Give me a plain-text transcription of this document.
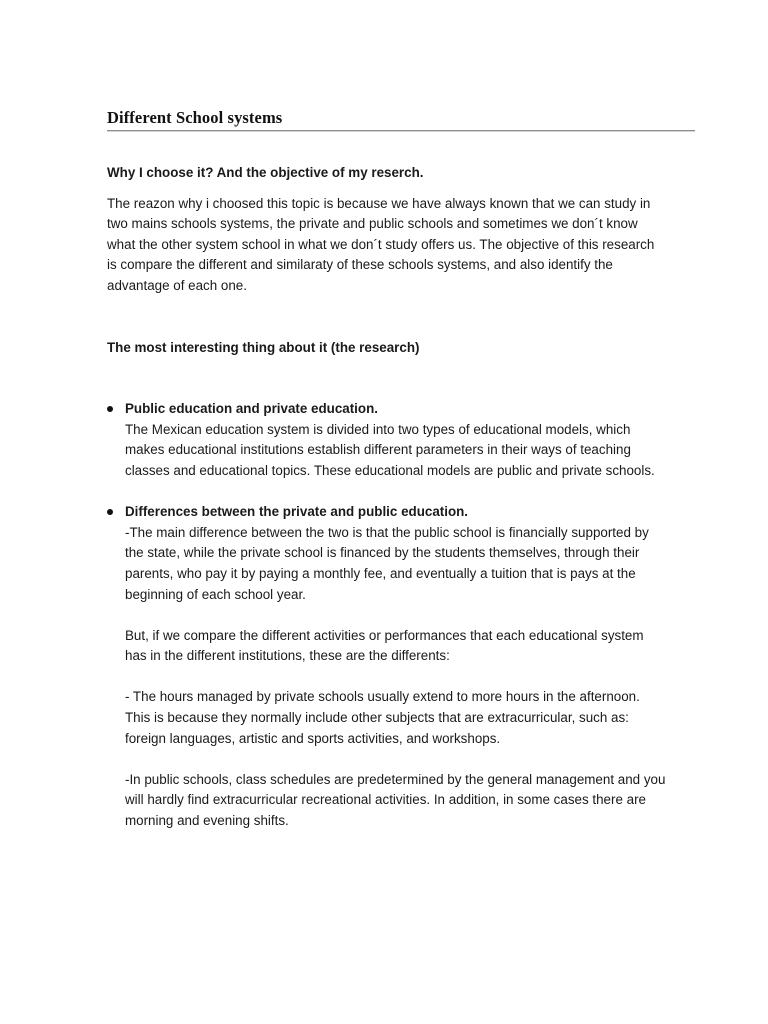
Different School systems

Why I choose it? And the objective of my reserch.

The reazon why i choosed this topic is because we have always known that we can study in two mains schools systems, the private and public schools and sometimes we don´t know what the other system school in what we don´t study offers us. The objective of this research is compare the different and similaraty of these schools systems, and also identify the advantage of each one.

The most interesting thing about it (the research)

Public education and private education.

The Mexican education system is divided into two types of educational models, which makes educational institutions establish different parameters in their ways of teaching classes and educational topics. These educational models are public and private schools.

Differences between the private and public education.

-The main difference between the two is that the public school is financially supported by the state, while the private school is financed by the students themselves, through their parents, who pay it by paying a monthly fee, and eventually a tuition that is pays at the beginning of each school year.

But, if we compare the different activities or performances that each educational system has in the different institutions, these are the differents:

- The hours managed by private schools usually extend to more hours in the afternoon. This is because they normally include other subjects that are extracurricular, such as: foreign languages, artistic and sports activities, and workshops.

-In public schools, class schedules are predetermined by the general management and you will hardly find extracurricular recreational activities. In addition, in some cases there are morning and evening shifts.
